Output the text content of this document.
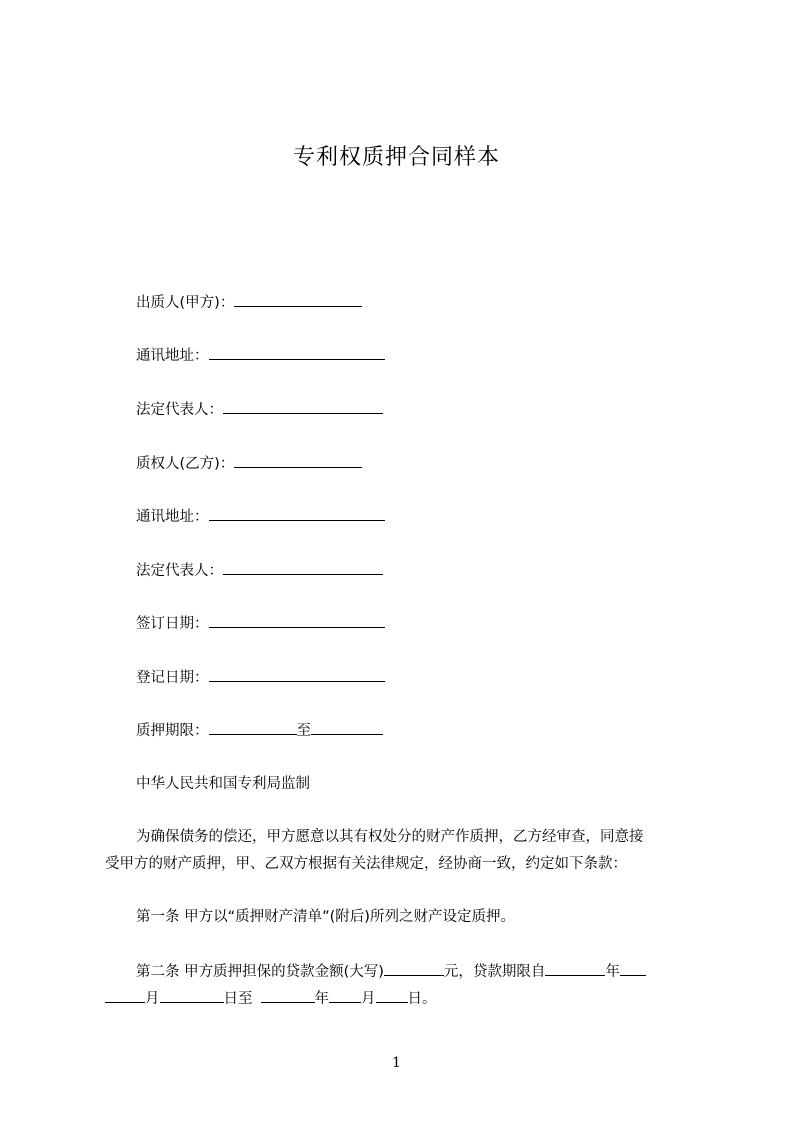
专利权质押合同样本
出质人(甲方)：
通讯地址：
法定代表人：
质权人(乙方)：
通讯地址：
法定代表人：
签订日期：
登记日期：
质押期限：	至
中华人民共和国专利局监制
为确保债务的偿还，甲方愿意以其有权处分的财产作质押，乙方经审查，同意接
受甲方的财产质押，甲、乙双方根据有关法律规定，经协商一致，约定如下条款：
第一条 甲方以“质押财产清单”(附后)所列之财产设定质押。
第二条 甲方质押担保的贷款金额(大写)	元，贷款期限自	年
月	日至	年 月 日。
1
